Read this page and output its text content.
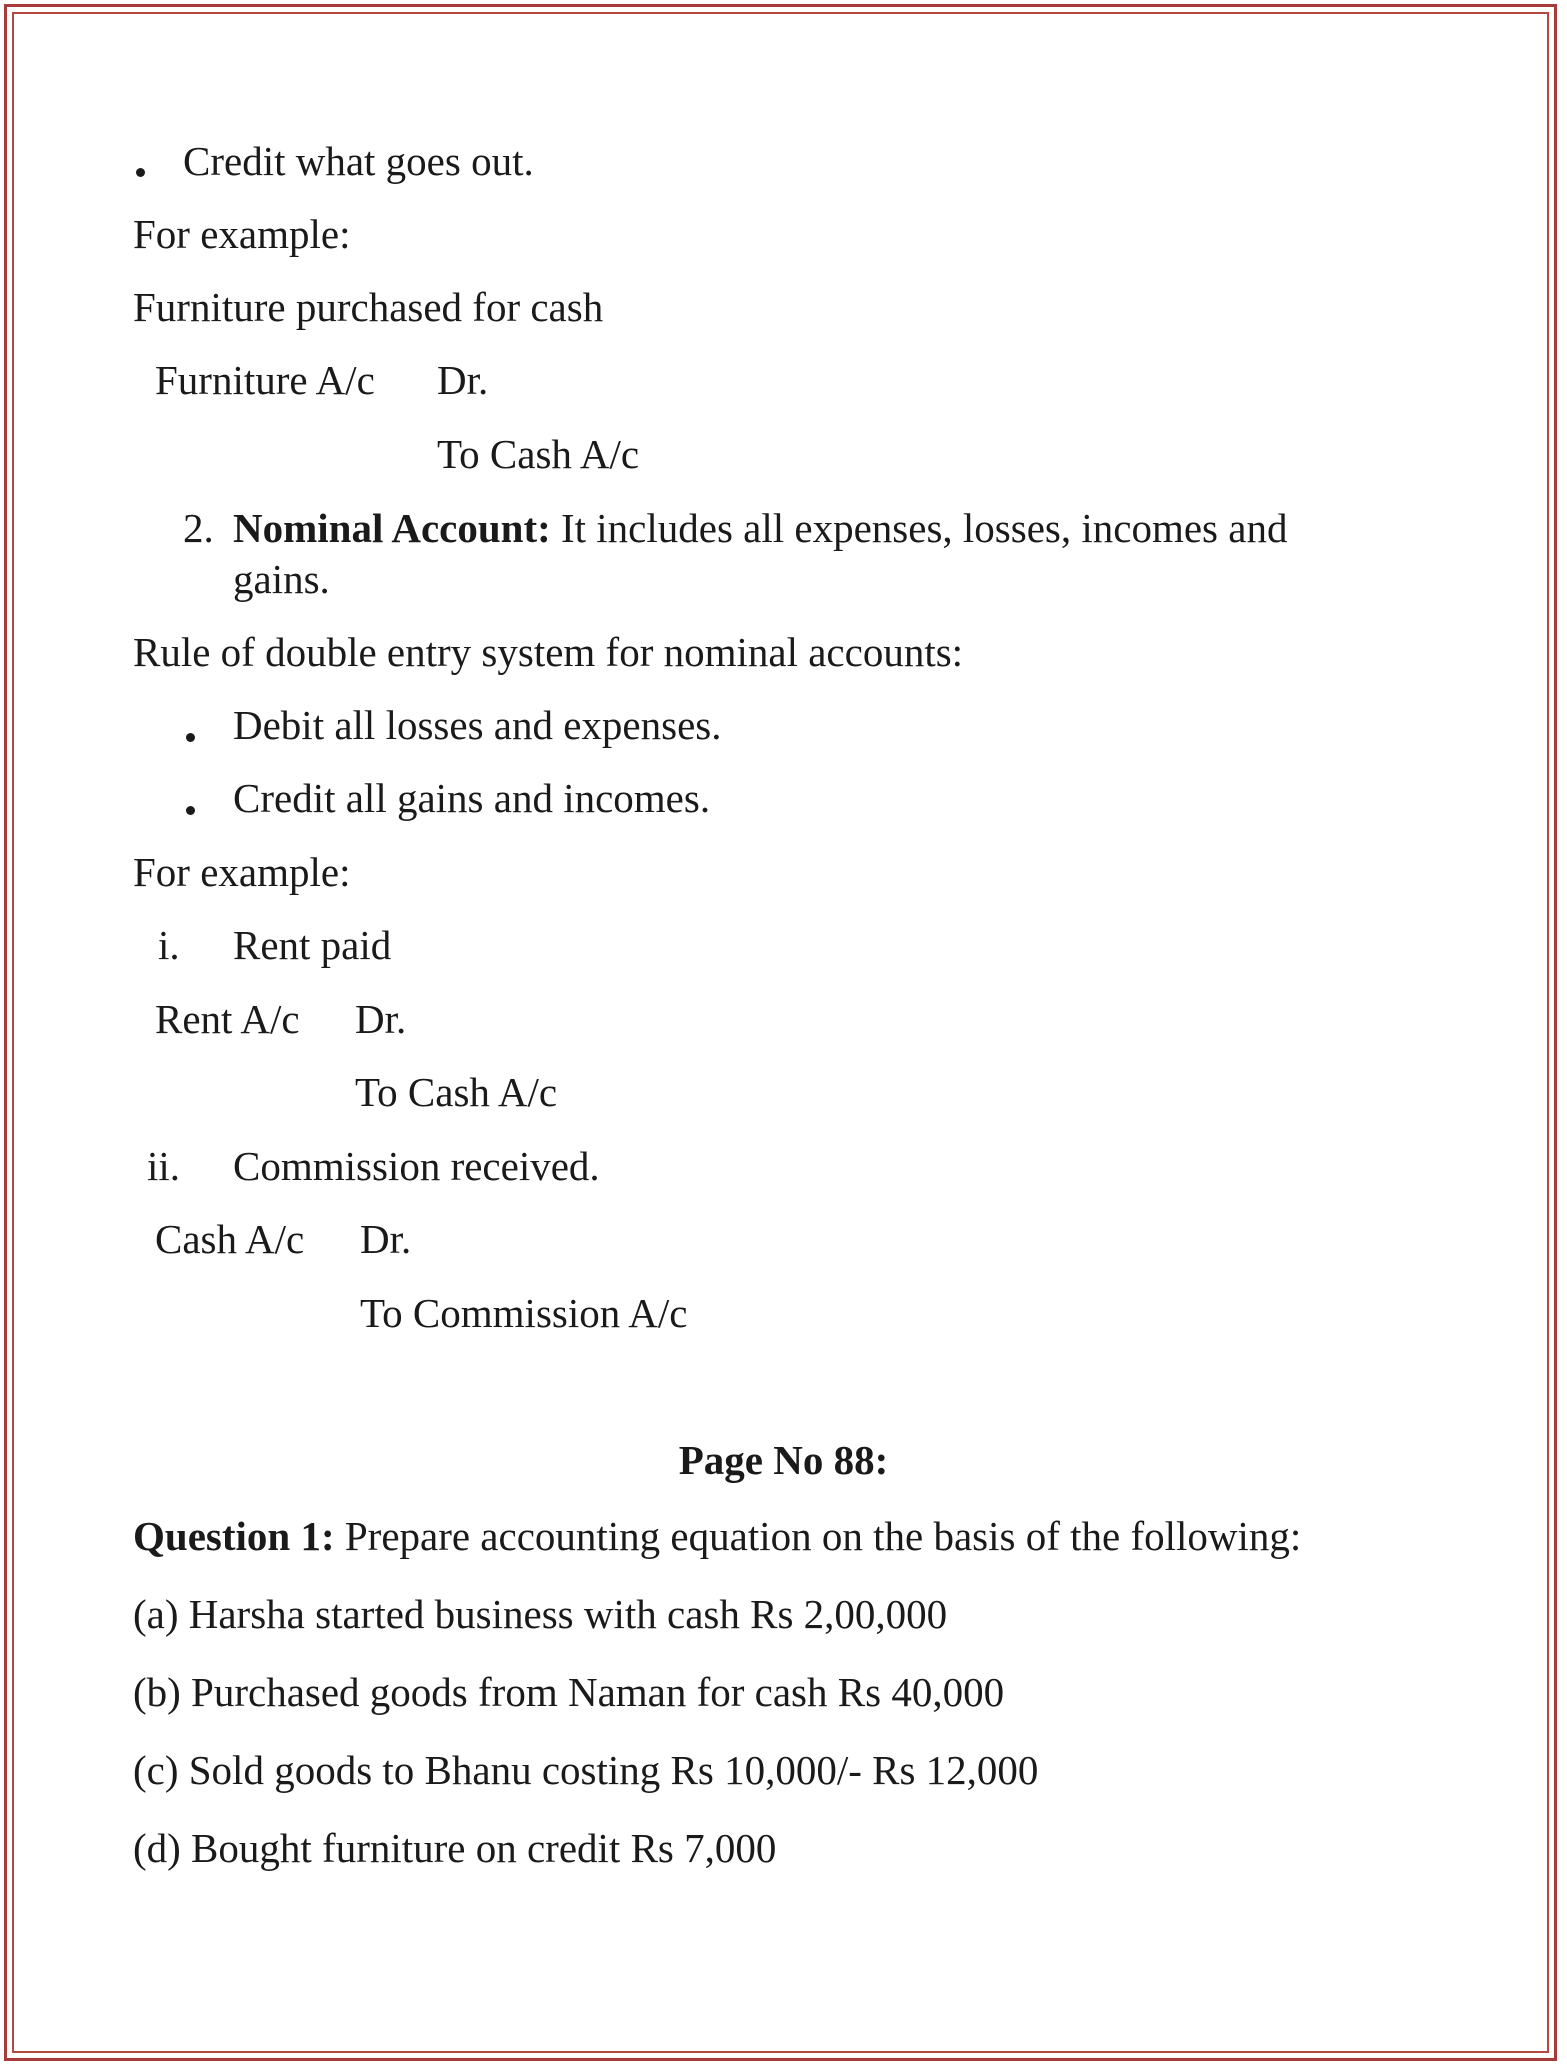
Credit what goes out.
For example:
Furniture purchased for cash
Furniture A/c Dr.
To Cash A/c
2. Nominal Account: It includes all expenses, losses, incomes and
gains.
Rule of double entry system for nominal accounts:
Debit all losses and expenses.
Credit all gains and incomes.
For example:
i. Rent paid
Rent A/c Dr.
To Cash A/c
ii. Commission received.
Cash A/c Dr.
To Commission A/c
Page No 88:
Question 1: Prepare accounting equation on the basis of the following:
(a) Harsha started business with cash Rs 2,00,000
(b) Purchased goods from Naman for cash Rs 40,000
(c) Sold goods to Bhanu costing Rs 10,000/- Rs 12,000
(d) Bought furniture on credit Rs 7,000
